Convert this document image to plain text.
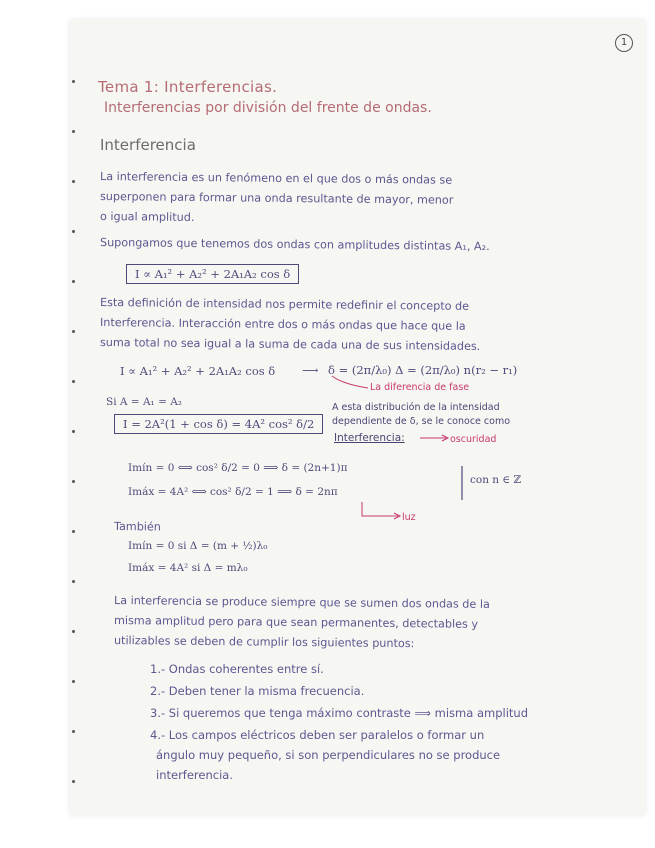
1
Tema 1: Interferencias.
Interferencias por división del frente de ondas.
Interferencia
La interferencia es un fenómeno en el que dos o más ondas se
superponen para formar una onda resultante de mayor, menor
o igual amplitud.
Supongamos que tenemos dos ondas con amplitudes distintas A₁, A₂.
I ∝ A₁² + A₂² + 2A₁A₂ cos δ
Esta definición de intensidad nos permite redefinir el concepto de
Interferencia. Interacción entre dos o más ondas que hace que la
suma total no sea igual a la suma de cada una de sus intensidades.
I ∝ A₁² + A₂² + 2A₁A₂ cos δ ⟶ δ = (2π/λ₀) Δ = (2π/λ₀) n(r₂ − r₁)
La diferencia de fase
Si A = A₁ = A₂
I = 2A²(1 + cos δ) = 4A² cos² δ/2
A esta distribución de la intensidad
dependiente de δ, se le conoce como
Interferencia:	oscuridad
Imín = 0 ⟺ cos² δ/2 = 0 ⟹ δ = (2n+1)π
Imáx = 4A² ⟺ cos² δ/2 = 1 ⟹ δ = 2nπ
con n ∈ ℤ
luz
También
Imín = 0 si Δ = (m + ½)λ₀
Imáx = 4A² si Δ = mλ₀
La interferencia se produce siempre que se sumen dos ondas de la
misma amplitud pero para que sean permanentes, detectables y
utilizables se deben de cumplir los siguientes puntos:
1.- Ondas coherentes entre sí.
2.- Deben tener la misma frecuencia.
3.- Si queremos que tenga máximo contraste ⟹ misma amplitud
4.- Los campos eléctricos deben ser paralelos o formar un
ángulo muy pequeño, si son perpendiculares no se produce
interferencia.
